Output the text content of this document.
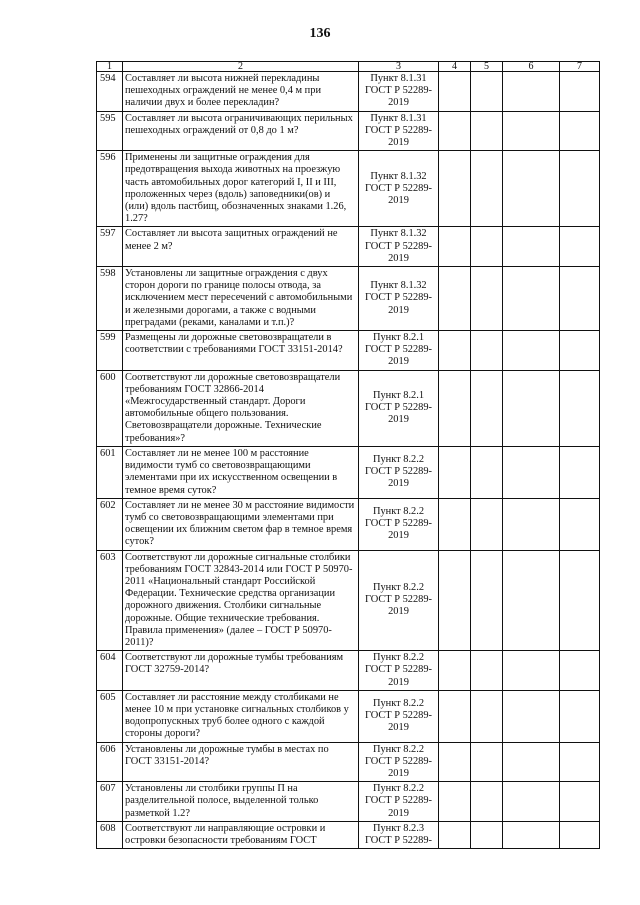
136
1	2	3	4	5	6	7
594	Составляет ли высота нижней перекладины пешеходных ограждений не менее 0,4 м при наличии двух и более перекладин?	Пункт 8.1.31 ГОСТ Р 52289-2019				
595	Составляет ли высота ограничивающих перильных пешеходных ограждений от 0,8 до 1 м?	Пункт 8.1.31 ГОСТ Р 52289-2019				
596	Применены ли защитные ограждения для предотвращения выхода животных на проезжую часть автомобильных дорог категорий I, II и III, проложенных через (вдоль) заповедники(ов) и (или) вдоль пастбищ, обозначенных знаками 1.26, 1.27?	Пункт 8.1.32 ГОСТ Р 52289-2019				
597	Составляет ли высота защитных ограждений не менее 2 м?	Пункт 8.1.32 ГОСТ Р 52289-2019				
598	Установлены ли защитные ограждения с двух сторон дороги по границе полосы отвода, за исключением мест пересечений с автомобильными и железными дорогами, а также с водными преградами (реками, каналами и т.п.)?	Пункт 8.1.32 ГОСТ Р 52289-2019				
599	Размещены ли дорожные световозвращатели в соответствии с требованиями ГОСТ 33151-2014?	Пункт 8.2.1 ГОСТ Р 52289-2019				
600	Соответствуют ли дорожные световозвращатели требованиям ГОСТ 32866-2014 «Межгосударственный стандарт. Дороги автомобильные общего пользования. Световозвращатели дорожные. Технические требования»?	Пункт 8.2.1 ГОСТ Р 52289-2019				
601	Составляет ли не менее 100 м расстояние видимости тумб со световозвращающими элементами при их искусственном освещении в темное время суток?	Пункт 8.2.2 ГОСТ Р 52289-2019				
602	Составляет ли не менее 30 м расстояние видимости тумб со световозвращающими элементами при освещении их ближним светом фар в темное время суток?	Пункт 8.2.2 ГОСТ Р 52289-2019				
603	Соответствуют ли дорожные сигнальные столбики требованиям ГОСТ 32843-2014 или ГОСТ Р 50970-2011 «Национальный стандарт Российской Федерации. Технические средства организации дорожного движения. Столбики сигнальные дорожные. Общие технические требования. Правила применения» (далее – ГОСТ Р 50970-2011)?	Пункт 8.2.2 ГОСТ Р 52289-2019				
604	Соответствуют ли дорожные тумбы требованиям ГОСТ 32759-2014?	Пункт 8.2.2 ГОСТ Р 52289-2019				
605	Составляет ли расстояние между столбиками не менее 10 м при установке сигнальных столбиков у водопропускных труб более одного с каждой стороны дороги?	Пункт 8.2.2 ГОСТ Р 52289-2019				
606	Установлены ли дорожные тумбы в местах по ГОСТ 33151-2014?	Пункт 8.2.2 ГОСТ Р 52289-2019				
607	Установлены ли столбики группы П на разделительной полосе, выделенной только разметкой 1.2?	Пункт 8.2.2 ГОСТ Р 52289-2019				
608	Соответствуют ли направляющие островки и островки безопасности требованиям ГОСТ	Пункт 8.2.3 ГОСТ Р 52289-				
